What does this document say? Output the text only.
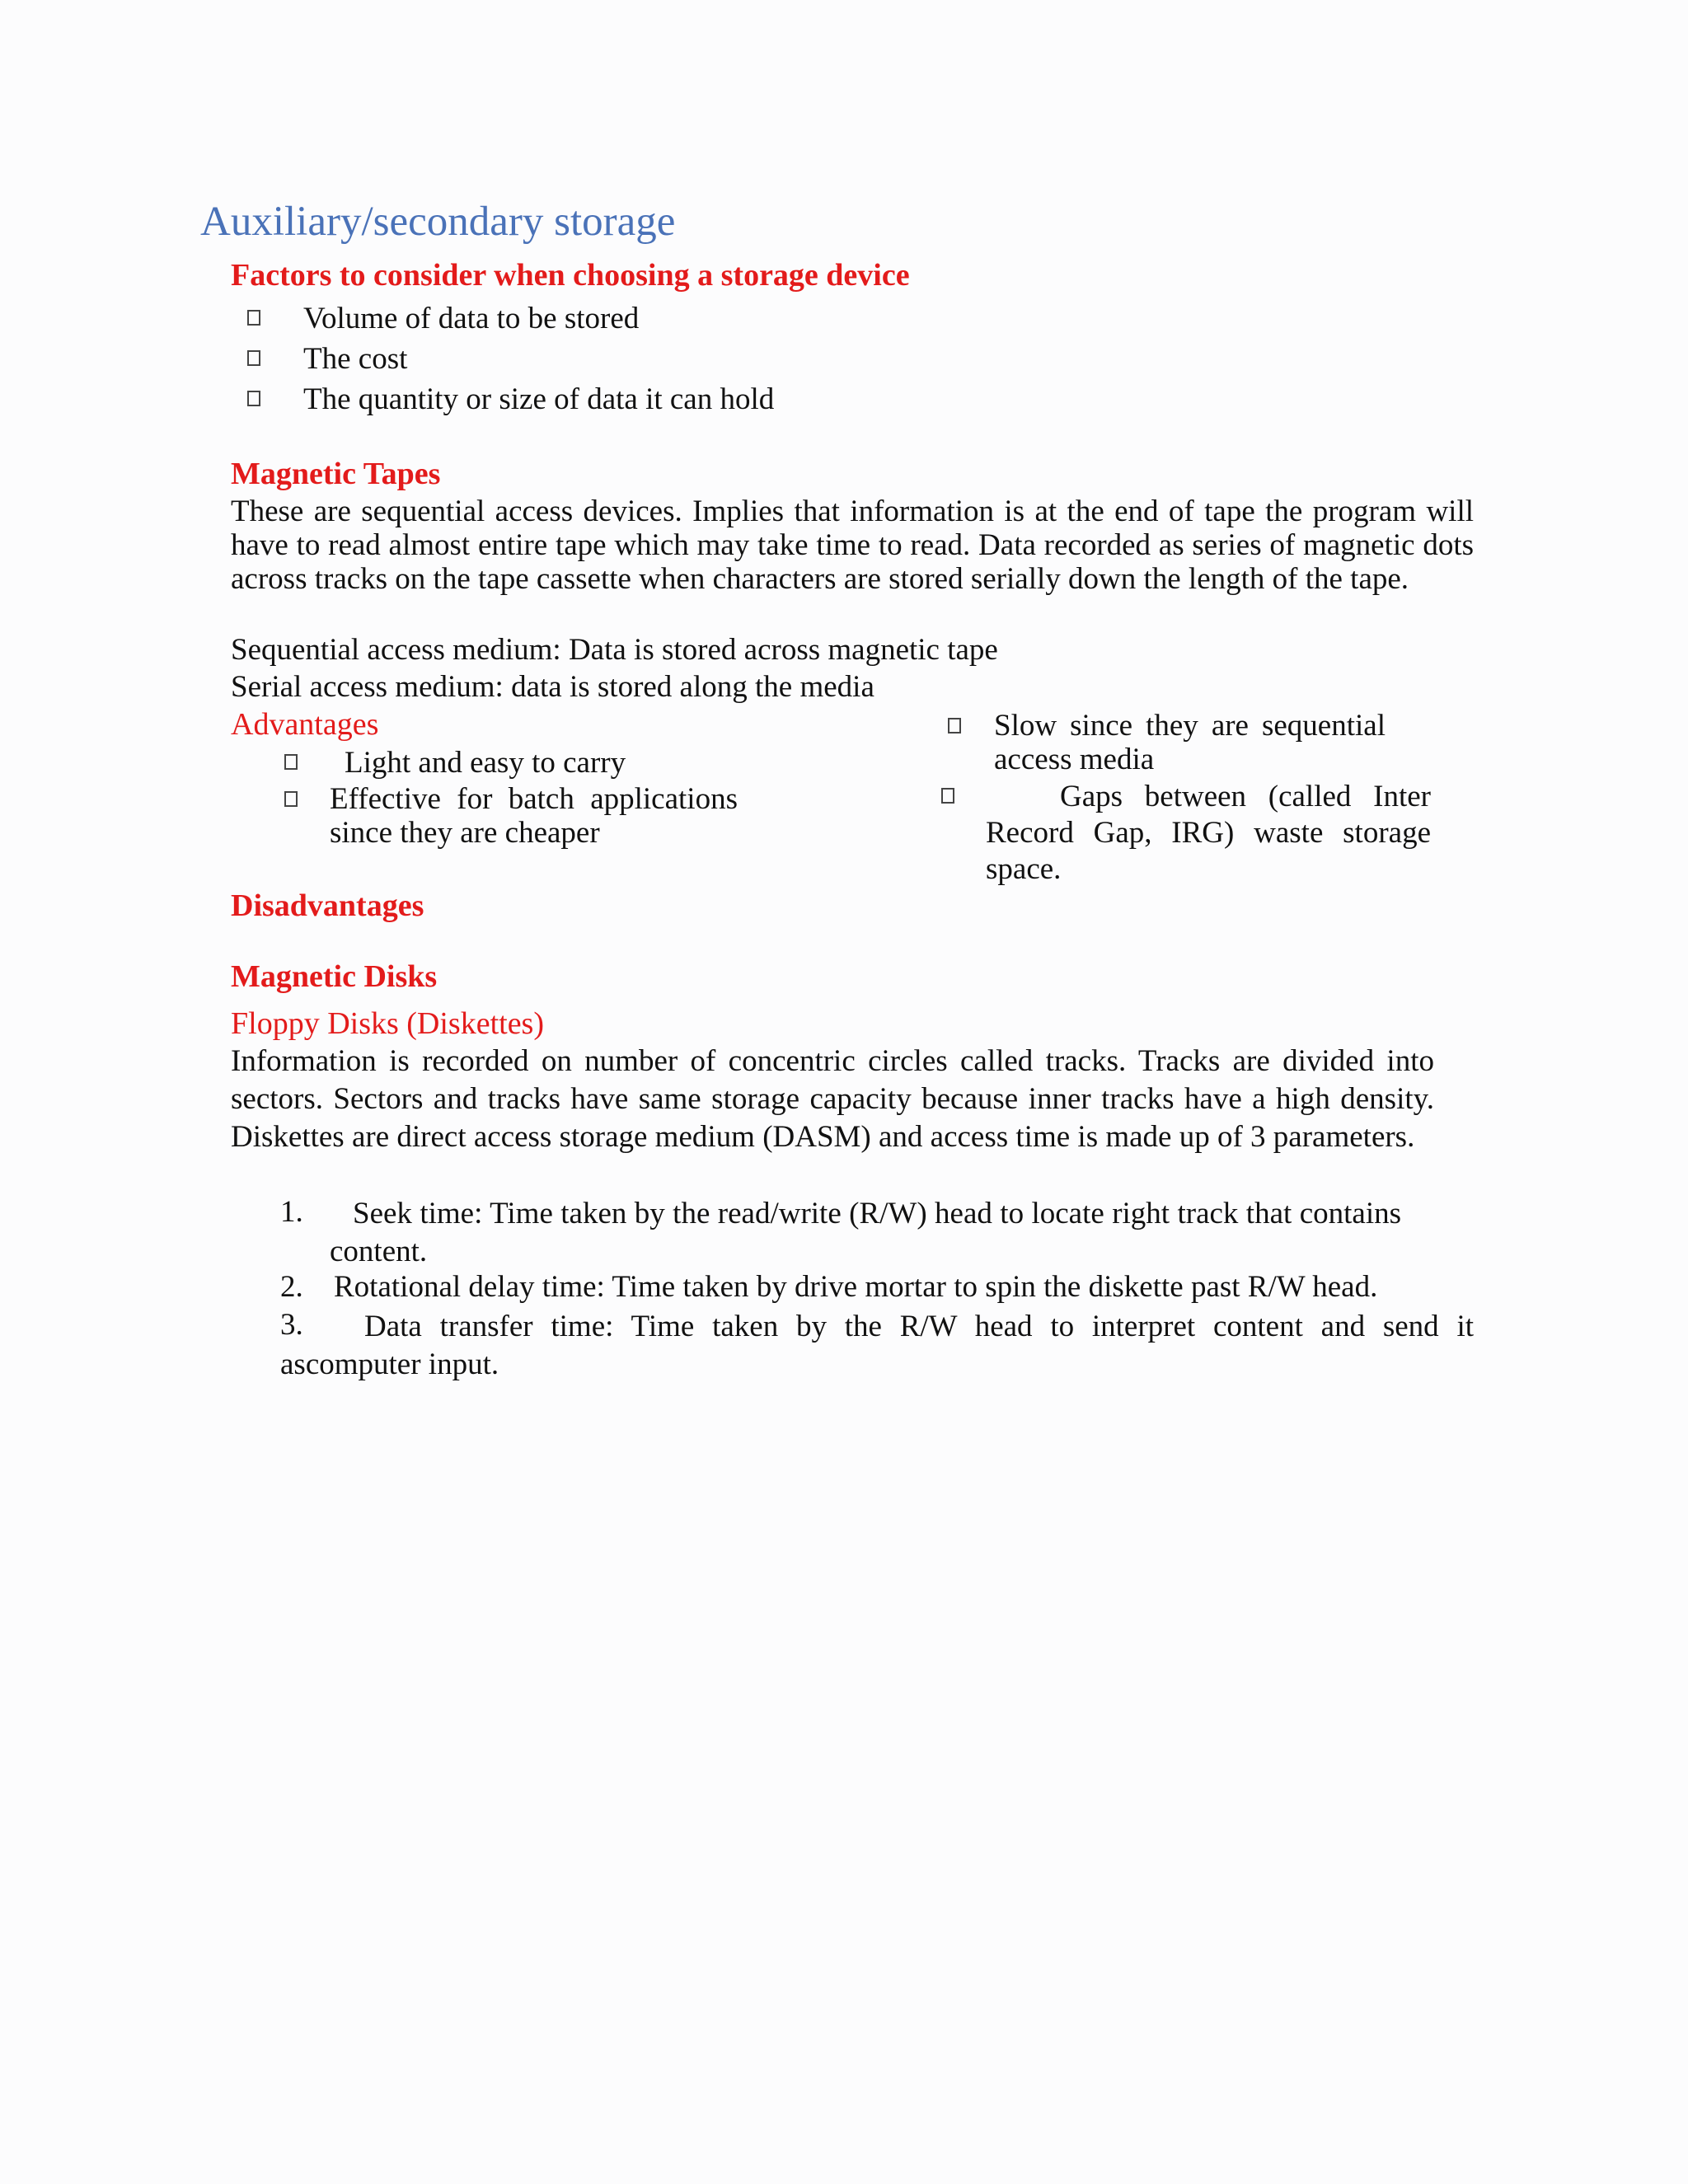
Auxiliary/secondary storage
Factors to consider when choosing a storage device
Volume of data to be stored
The cost
The quantity or size of data it can hold
Magnetic Tapes
These are sequential access devices. Implies that information is at the end of tape the program will have to read almost entire tape which may take time to read. Data recorded as series of magnetic dots across tracks on the tape cassette when characters are stored serially down the length of the tape.
Sequential access medium: Data is stored across magnetic tape
Serial access medium: data is stored along the media
Advantages
Light and easy to carry
Effective for batch applications since they are cheaper
Disadvantages
Slow since they are sequential access media
Gaps between (called Inter Record Gap, IRG) waste storage space.
Magnetic Disks
Floppy Disks (Diskettes)
Information is recorded on number of concentric circles called tracks. Tracks are divided into sectors. Sectors and tracks have same storage capacity because inner tracks have a high density. Diskettes are direct access storage medium (DASM) and access time is made up of 3 parameters.
1.	Seek time: Time taken by the read/write (R/W) head to locate right track that contains content.
2. Rotational delay time: Time taken by drive mortar to spin the diskette past R/W head.
3.	Data transfer time: Time taken by the R/W head to interpret content and send it ascomputer input.
